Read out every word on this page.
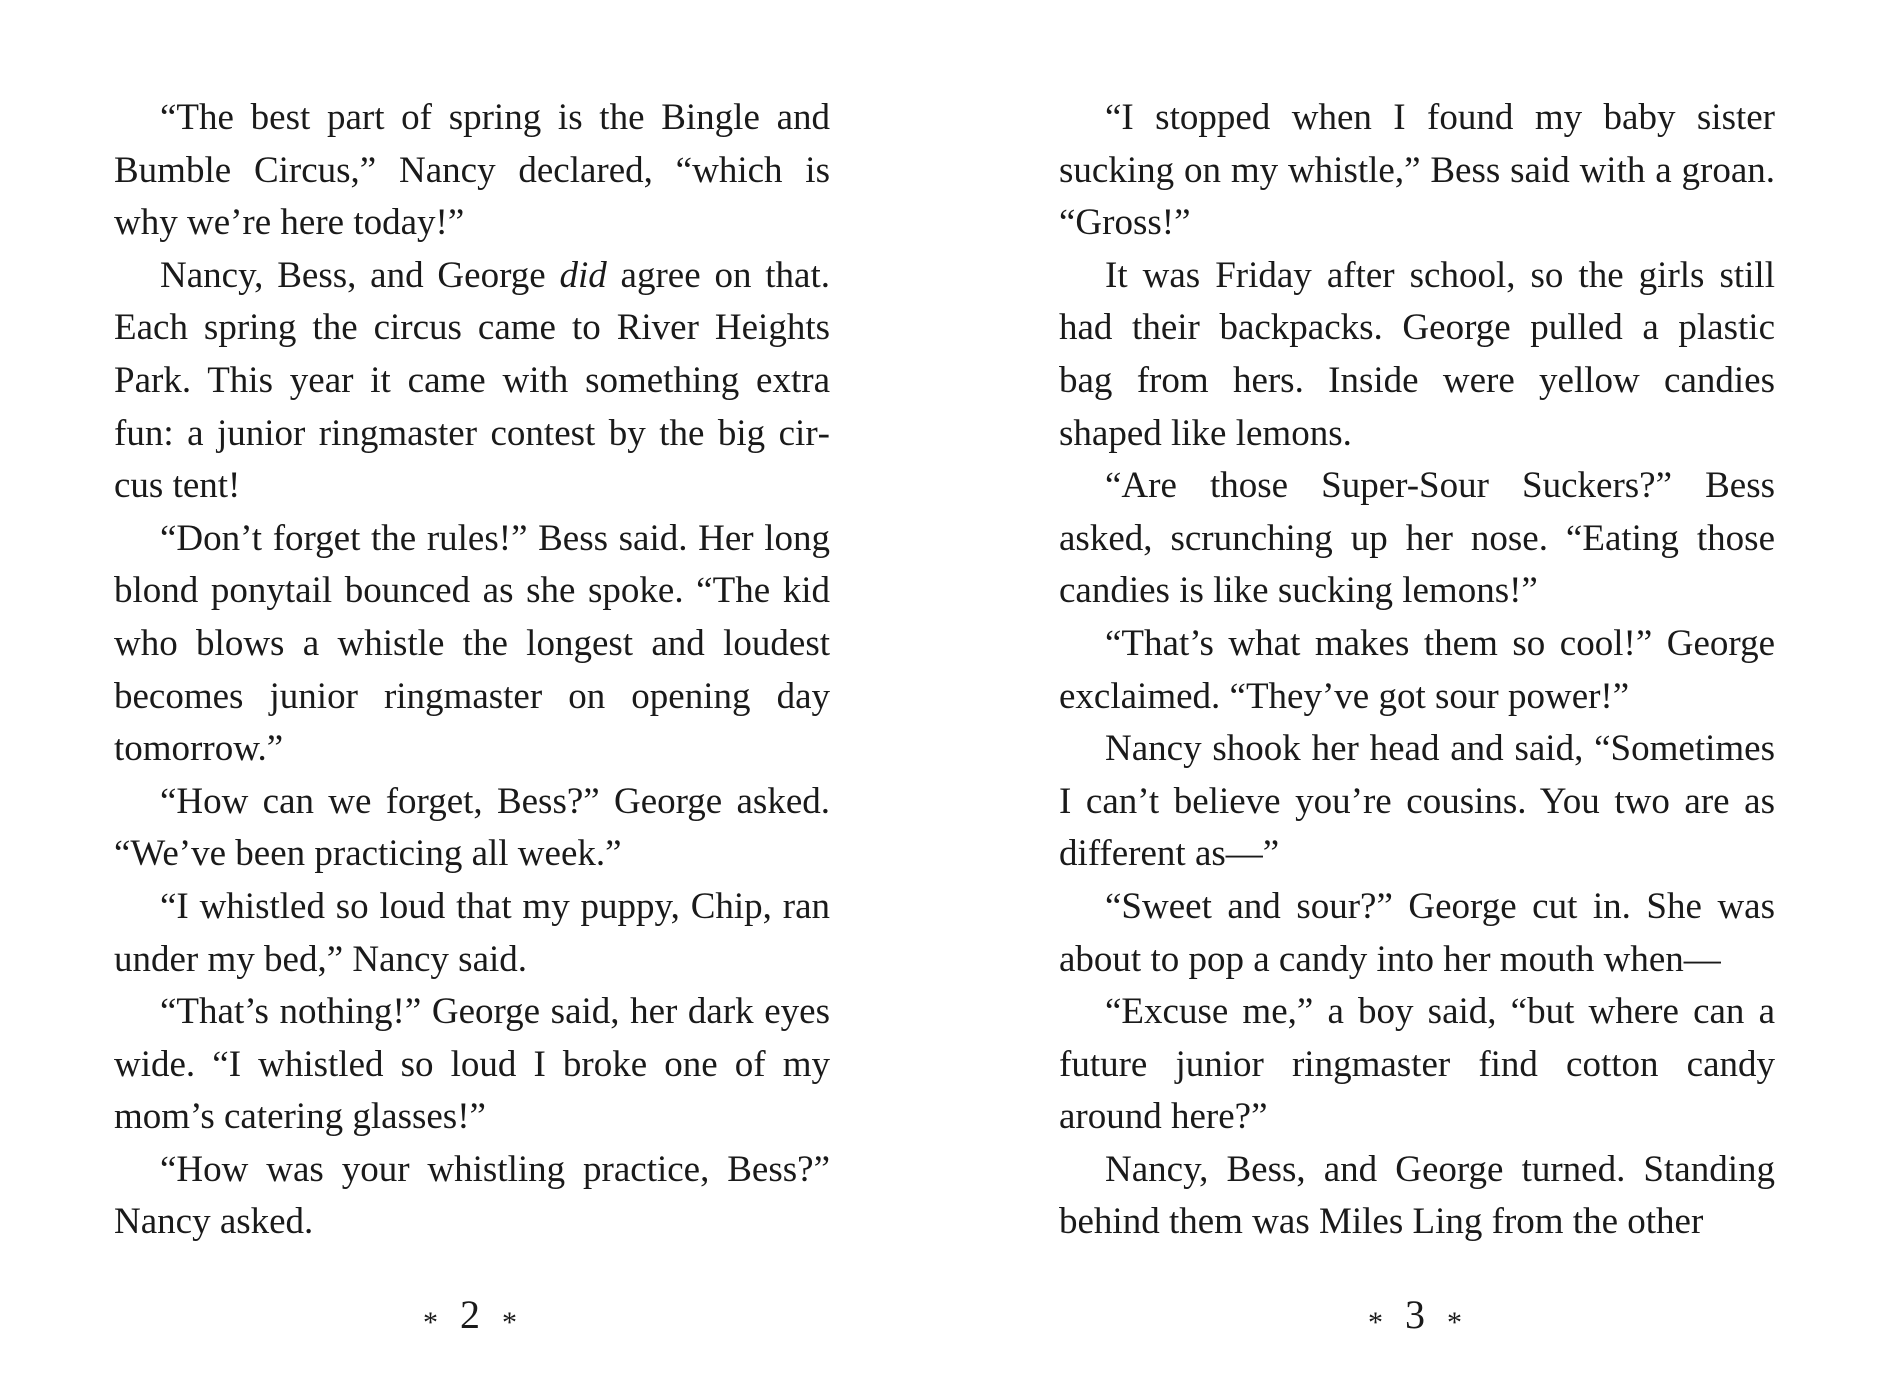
“The best part of spring is the Bingle and Bumble Circus,” Nancy declared, “which is why we’re here today!”

Nancy, Bess, and George did agree on that. Each spring the circus came to River Heights Park. This year it came with something extra fun: a junior ringmaster contest by the big circus tent!

“Don’t forget the rules!” Bess said. Her long blond ponytail bounced as she spoke. “The kid who blows a whistle the longest and loudest becomes junior ringmaster on opening day tomorrow.”

“How can we forget, Bess?” George asked. “We’ve been practicing all week.”

“I whistled so loud that my puppy, Chip, ran under my bed,” Nancy said.

“That’s nothing!” George said, her dark eyes wide. “I whistled so loud I broke one of my mom’s catering glasses!”

“How was your whistling practice, Bess?” Nancy asked.

* 2 *

“I stopped when I found my baby sister sucking on my whistle,” Bess said with a groan. “Gross!”

It was Friday after school, so the girls still had their backpacks. George pulled a plastic bag from hers. Inside were yellow candies shaped like lemons.

“Are those Super-Sour Suckers?” Bess asked, scrunching up her nose. “Eating those candies is like sucking lemons!”

“That’s what makes them so cool!” George exclaimed. “They’ve got sour power!”

Nancy shook her head and said, “Sometimes I can’t believe you’re cousins. You two are as different as—”

“Sweet and sour?” George cut in. She was about to pop a candy into her mouth when—

“Excuse me,” a boy said, “but where can a future junior ringmaster find cotton candy around here?”

Nancy, Bess, and George turned. Standing behind them was Miles Ling from the other

* 3 *
